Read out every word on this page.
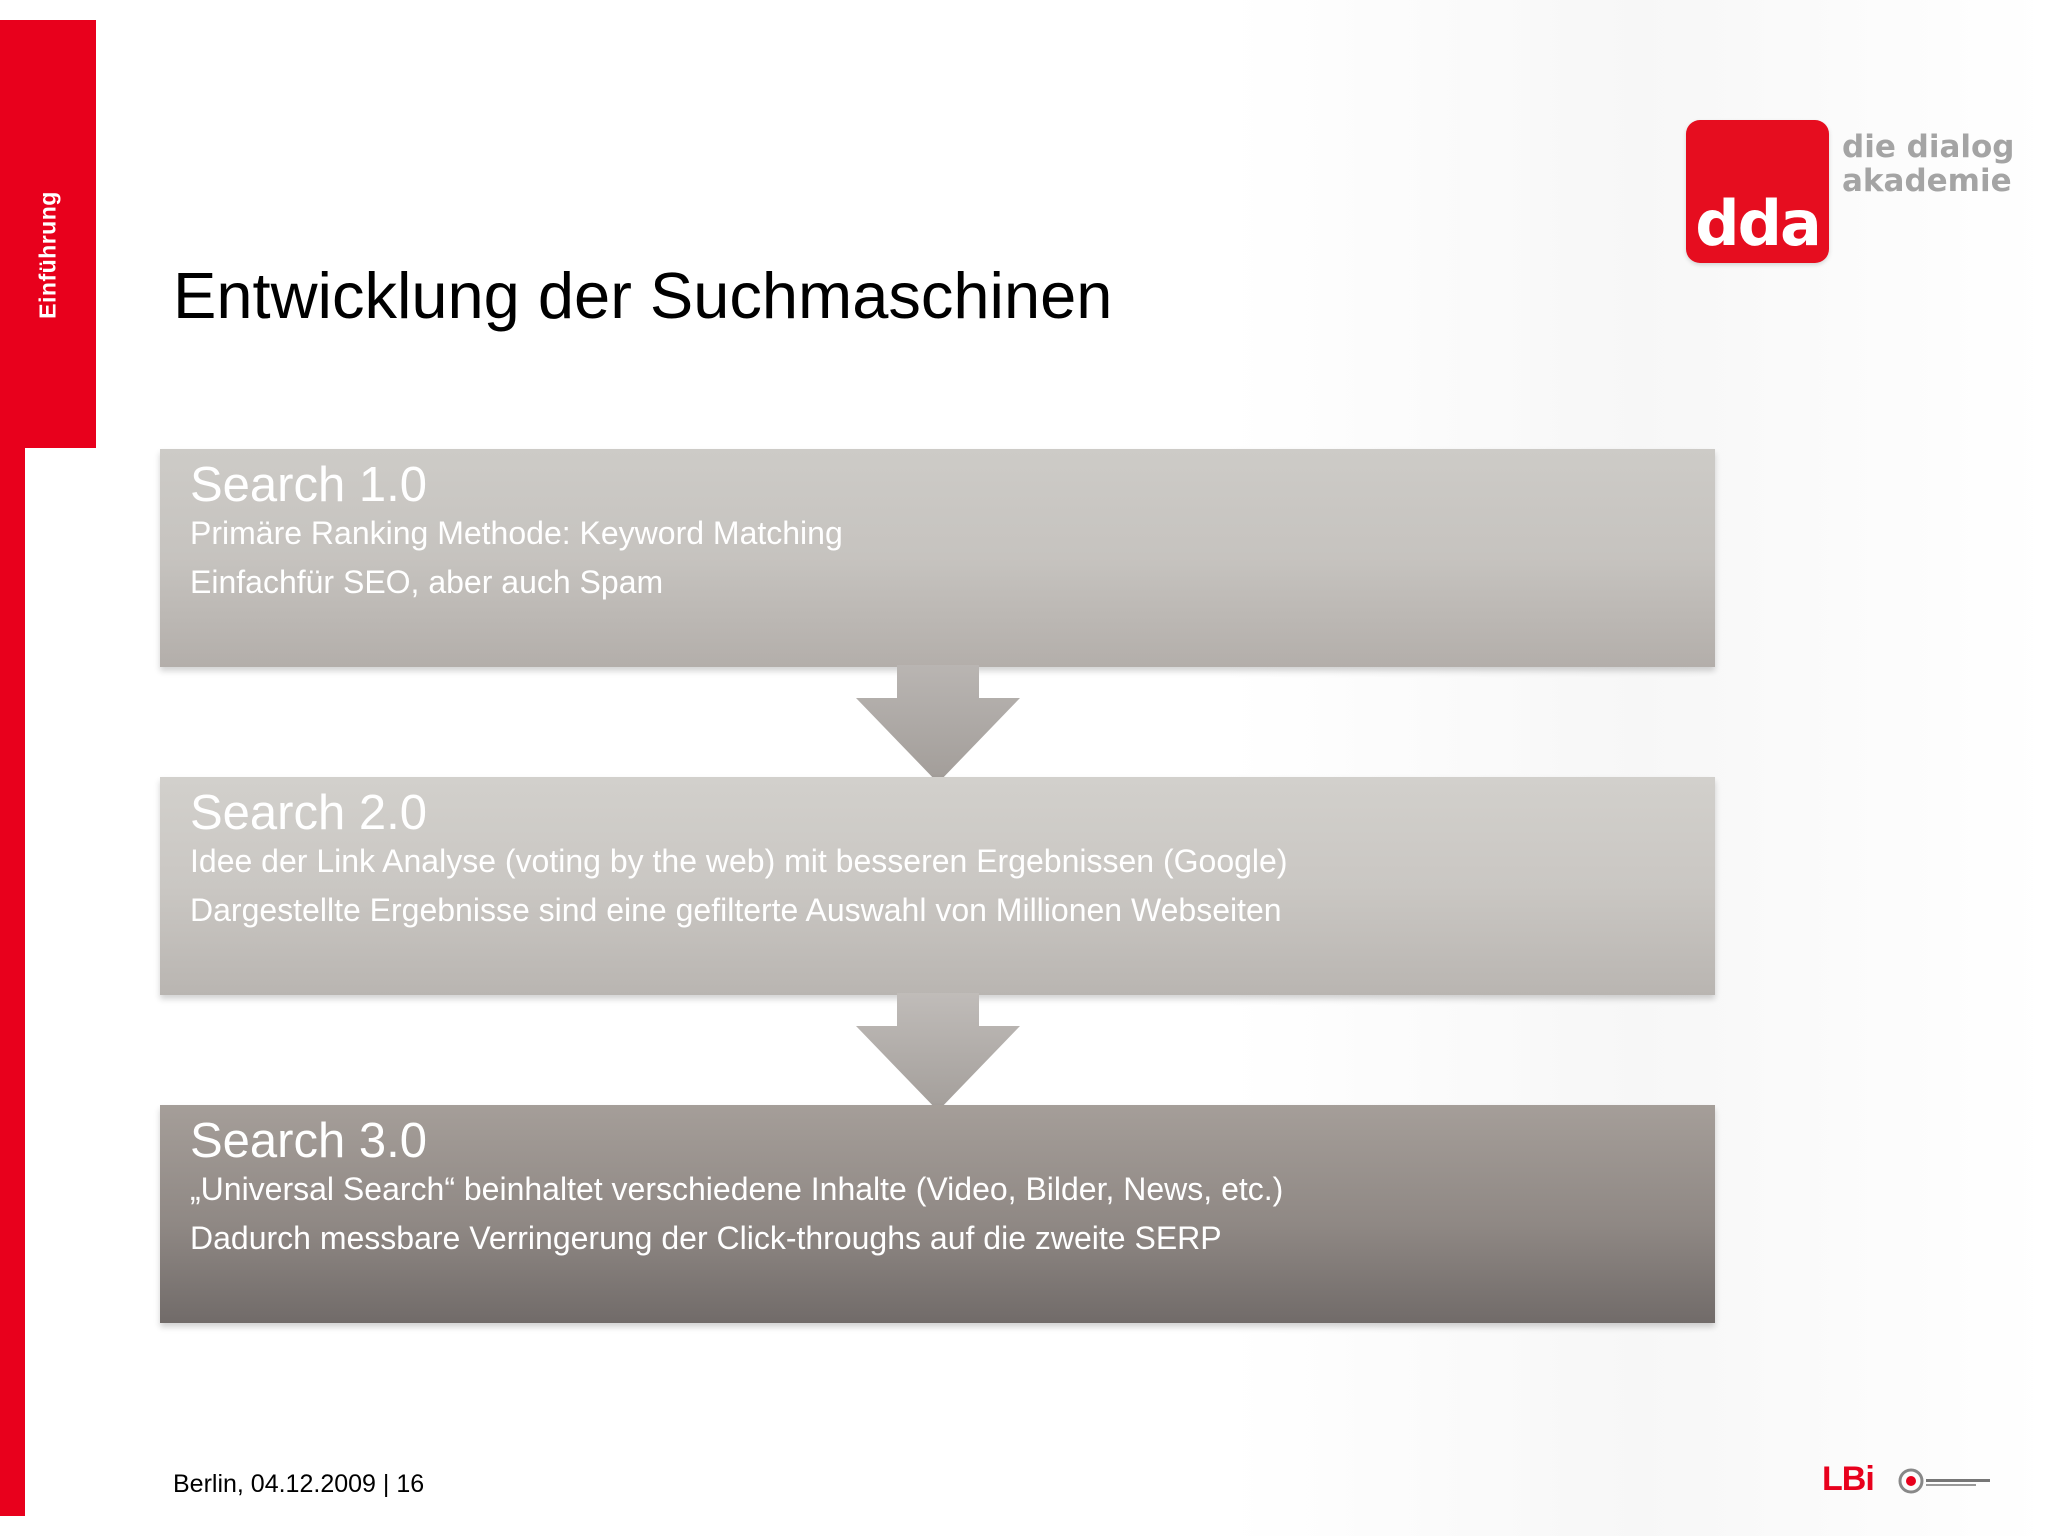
Einführung Entwicklung der Suchmaschinen
dda
die dialog
akademie
Search 1.0
Primäre Ranking Methode: Keyword Matching
Einfachfür SEO, aber auch Spam
Search 2.0
Idee der Link Analyse (voting by the web) mit besseren Ergebnissen (Google)
Dargestellte Ergebnisse sind eine gefilterte Auswahl von Millionen Webseiten
Search 3.0
„Universal Search“ beinhaltet verschiedene Inhalte (Video, Bilder, News, etc.)
Dadurch messbare Verringerung der Click-throughs auf die zweite SERP
Berlin, 04.12.2009 | 16	LBi
